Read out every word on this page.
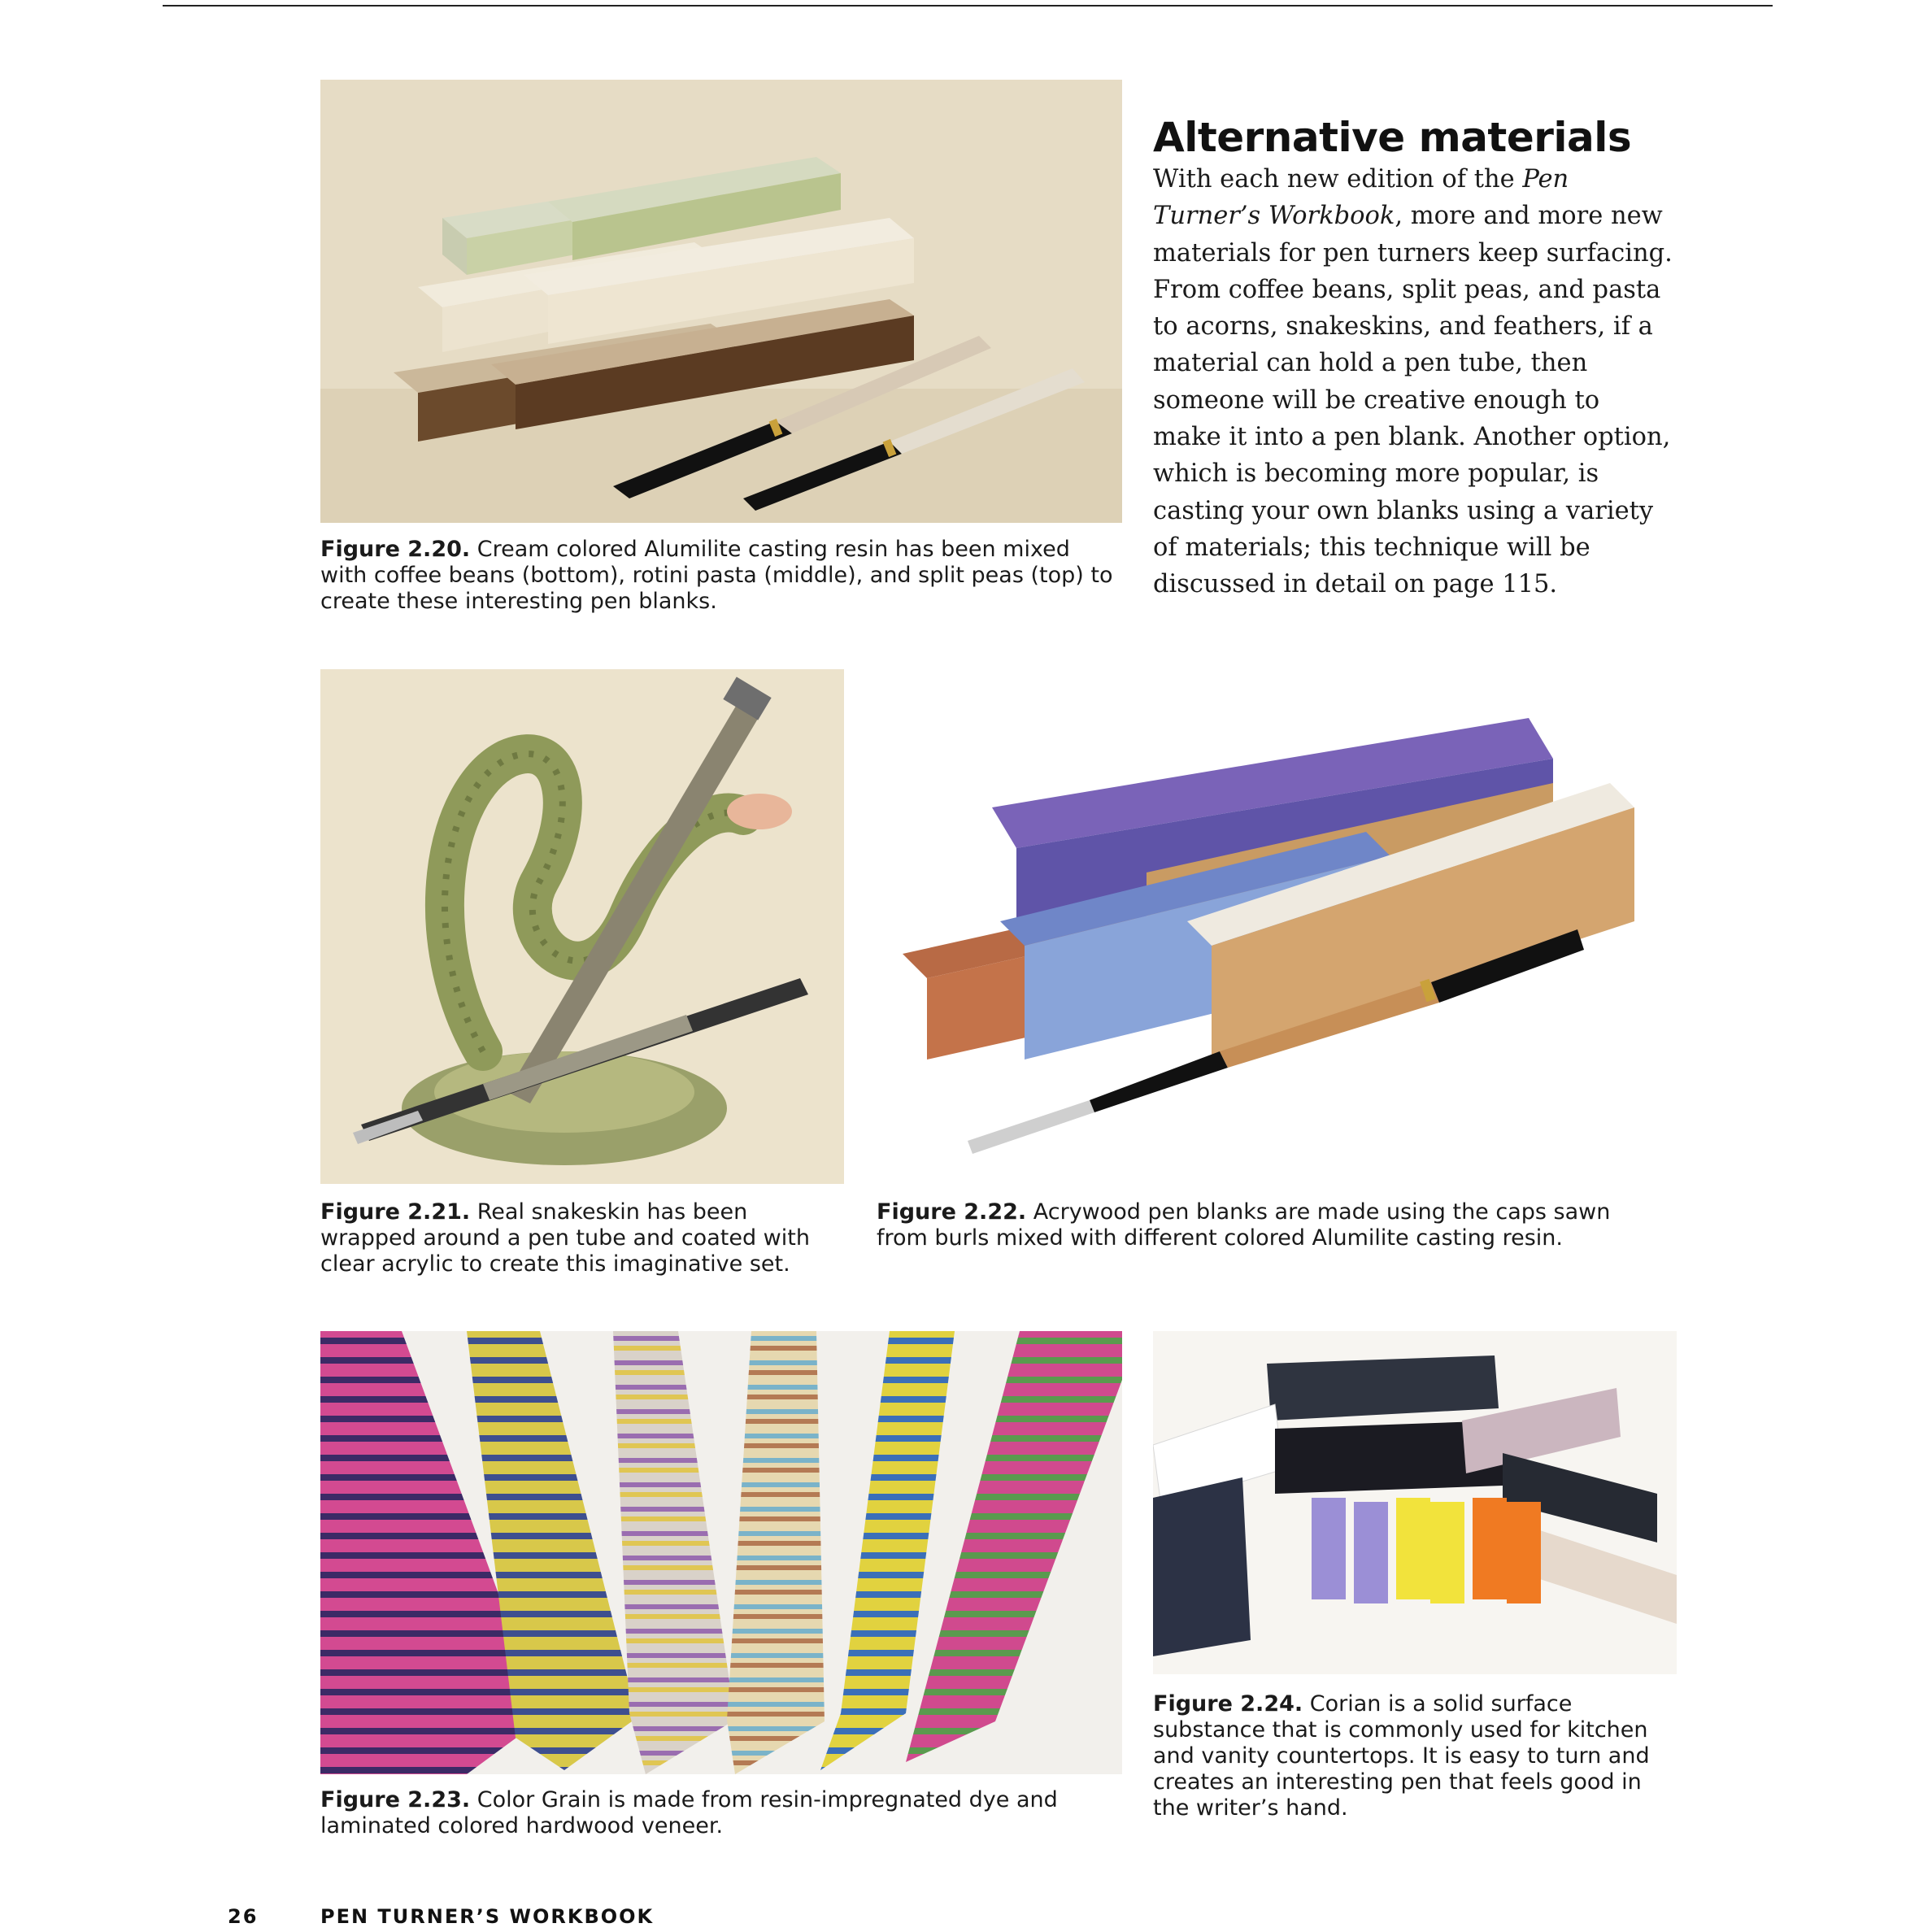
Alternative materials
With each new edition of the Pen Turner’s Workbook, more and more new materials for pen turners keep surfacing. From coffee beans, split peas, and pasta to acorns, snakeskins, and feathers, if a material can hold a pen tube, then someone will be creative enough to make it into a pen blank. Another option, which is becoming more popular, is casting your own blanks using a variety of materials; this technique will be discussed in detail on page 115.
Figure 2.20. Cream colored Alumilite casting resin has been mixed with coffee beans (bottom), rotini pasta (middle), and split peas (top) to create these interesting pen blanks.
Figure 2.21. Real snakeskin has been wrapped around a pen tube and coated with clear acrylic to create this imaginative set.
Figure 2.22. Acrywood pen blanks are made using the caps sawn from burls mixed with different colored Alumilite casting resin.
Figure 2.23. Color Grain is made from resin-impregnated dye and laminated colored hardwood veneer.
Figure 2.24. Corian is a solid surface substance that is commonly used for kitchen and vanity countertops. It is easy to turn and creates an interesting pen that feels good in the writer’s hand.
26	PEN TURNER’S WORKBOOK
